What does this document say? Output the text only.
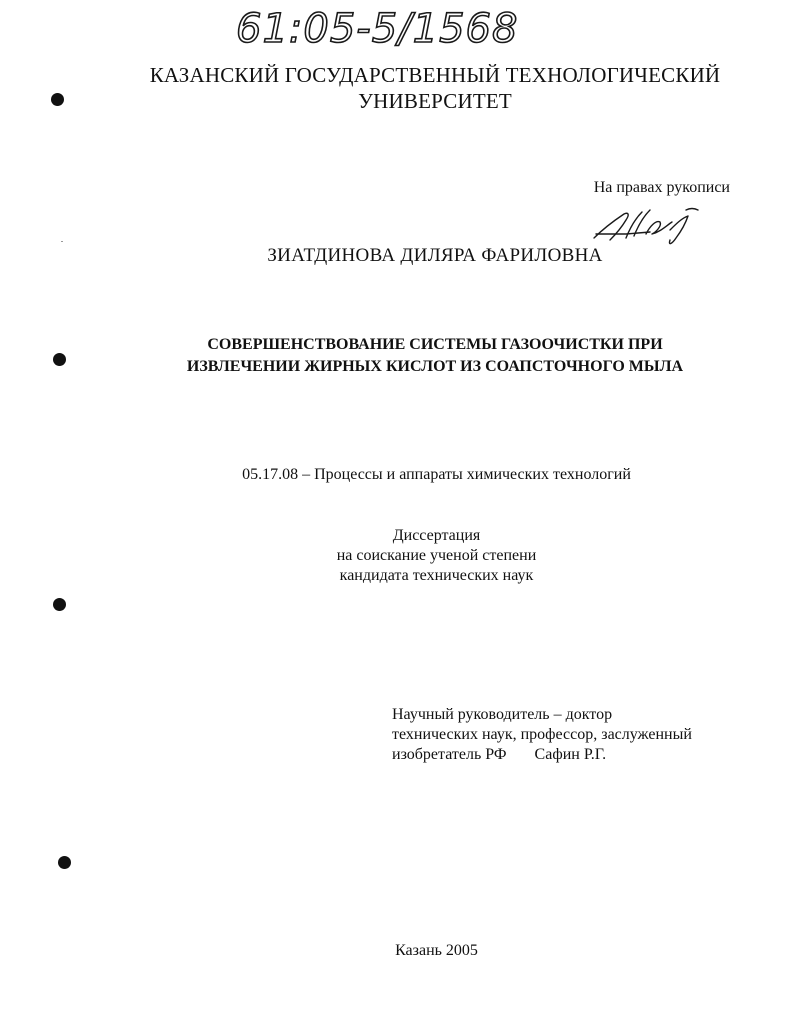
61:05-5/1568
КАЗАНСКИЙ ГОСУДАРСТВЕННЫЙ ТЕХНОЛОГИЧЕСКИЙ
УНИВЕРСИТЕТ
На правах рукописи
ЗИАТДИНОВА ДИЛЯРА ФАРИЛОВНА
СОВЕРШЕНСТВОВАНИЕ СИСТЕМЫ ГАЗООЧИСТКИ ПРИ
ИЗВЛЕЧЕНИИ ЖИРНЫХ КИСЛОТ ИЗ СОАПСТОЧНОГО МЫЛА
05.17.08 – Процессы и аппараты химических технологий
Диссертация
на соискание ученой степени
кандидата технических наук
Научный руководитель – доктор
технических наук, профессор, заслуженный
изобретатель РФ Сафин Р.Г.
Казань 2005
